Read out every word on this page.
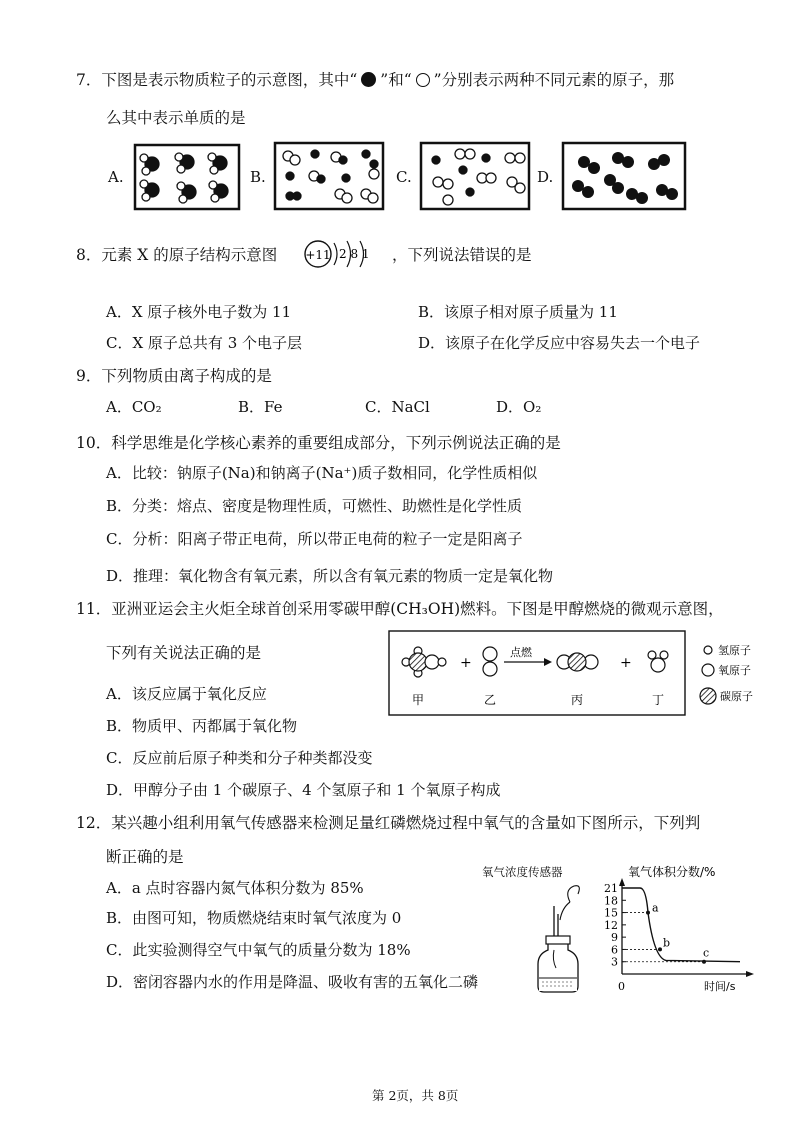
7．下图是表示物质粒子的示意图，其中“ ”和“ ”分别表示两种不同元素的原子，那
么其中表示单质的是
A.	B.	C.	D.
8．元素 X 的原子结构示意图 +11 2 8 1 ，下列说法错误的是
A．X 原子核外电子数为 11	B．该原子相对原子质量为 11
C．X 原子总共有 3 个电子层	D．该原子在化学反应中容易失去一个电子
9．下列物质由离子构成的是
A．CO₂	B．Fe	C．NaCl	D．O₂
10．科学思维是化学核心素养的重要组成部分，下列示例说法正确的是
A．比较：钠原子(Na)和钠离子(Na⁺)质子数相同，化学性质相似
B．分类：熔点、密度是物理性质，可燃性、助燃性是化学性质
C．分析：阳离子带正电荷，所以带正电荷的粒子一定是阳离子
D．推理：氧化物含有氧元素，所以含有氧元素的物质一定是氧化物
11．亚洲亚运会主火炬全球首创采用零碳甲醇(CH₃OH)燃料。下图是甲醇燃烧的微观示意图，
下列有关说法正确的是
+
点燃
+
甲	乙	丙	丁
氢原子
氧原子
碳原子
A．该反应属于氧化反应
B．物质甲、丙都属于氧化物
C．反应前后原子种类和分子种类都没变
D．甲醇分子由 1 个碳原子、4 个氢原子和 1 个氧原子构成
12．某兴趣小组利用氧气传感器来检测足量红磷燃烧过程中氧气的含量如下图所示，下列判
断正确的是
A．a 点时容器内氮气体积分数为 85%
B．由图可知，物质燃烧结束时氧气浓度为 0
C．此实验测得空气中氧气的质量分数为 18%
D．密闭容器内水的作用是降温、吸收有害的五氧化二磷
氧气浓度传感器	氧气体积分数/%
21
18
15
12
9
6
3
a
b
c
0	时间/s
第 2页，共 8页
